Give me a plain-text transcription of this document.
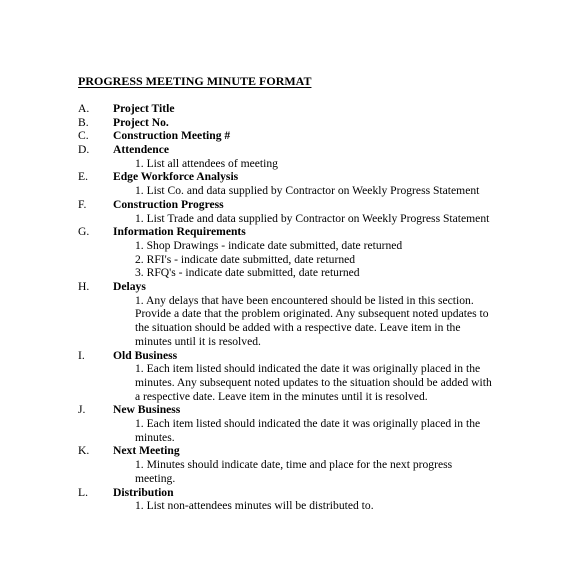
PROGRESS MEETING MINUTE FORMAT
A. Project Title
B. Project No.
C. Construction Meeting #
D. Attendence
1. List all attendees of meeting
E. Edge Workforce Analysis
1. List Co. and data supplied by Contractor on Weekly Progress Statement
F. Construction Progress
1. List Trade and data supplied by Contractor on Weekly Progress Statement
G. Information Requirements
1. Shop Drawings - indicate date submitted, date returned
2. RFI's - indicate date submitted, date returned
3. RFQ's - indicate date submitted, date returned
H. Delays
1. Any delays that have been encountered should be listed in this section.
Provide a date that the problem originated. Any subsequent noted updates to
the situation should be added with a respective date. Leave item in the
minutes until it is resolved.
I. Old Business
1. Each item listed should indicated the date it was originally placed in the
minutes. Any subsequent noted updates to the situation should be added with
a respective date. Leave item in the minutes until it is resolved.
J. New Business
1. Each item listed should indicated the date it was originally placed in the
minutes.
K. Next Meeting
1. Minutes should indicate date, time and place for the next progress
meeting.
L. Distribution
1. List non-attendees minutes will be distributed to.
